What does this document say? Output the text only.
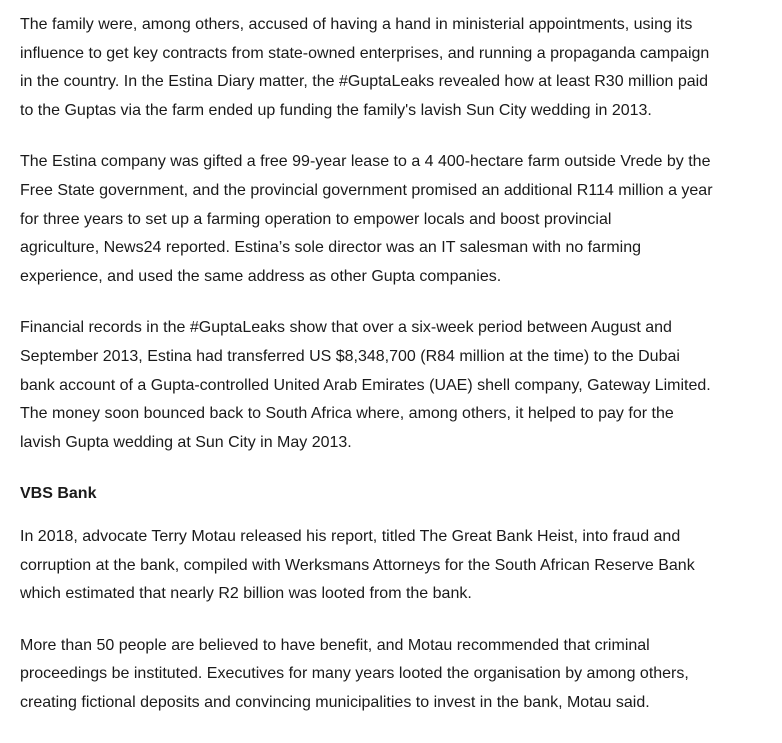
The family were, among others, accused of having a hand in ministerial appointments, using its
influence to get key contracts from state-owned enterprises, and running a propaganda campaign
in the country. In the Estina Diary matter, the #GuptaLeaks revealed how at least R30 million paid
to the Guptas via the farm ended up funding the family's lavish Sun City wedding in 2013.

The Estina company was gifted a free 99-year lease to a 4 400-hectare farm outside Vrede by the
Free State government, and the provincial government promised an additional R114 million a year
for three years to set up a farming operation to empower locals and boost provincial
agriculture, News24 reported. Estina’s sole director was an IT salesman with no farming
experience, and used the same address as other Gupta companies.

Financial records in the #GuptaLeaks show that over a six-week period between August and
September 2013, Estina had transferred US $8,348,700 (R84 million at the time) to the Dubai
bank account of a Gupta-controlled United Arab Emirates (UAE) shell company, Gateway Limited.
The money soon bounced back to South Africa where, among others, it helped to pay for the
lavish Gupta wedding at Sun City in May 2013.

VBS Bank

In 2018, advocate Terry Motau released his report, titled The Great Bank Heist, into fraud and
corruption at the bank, compiled with Werksmans Attorneys for the South African Reserve Bank
which estimated that nearly R2 billion was looted from the bank.

More than 50 people are believed to have benefit, and Motau recommended that criminal
proceedings be instituted. Executives for many years looted the organisation by among others,
creating fictional deposits and convincing municipalities to invest in the bank, Motau said.
